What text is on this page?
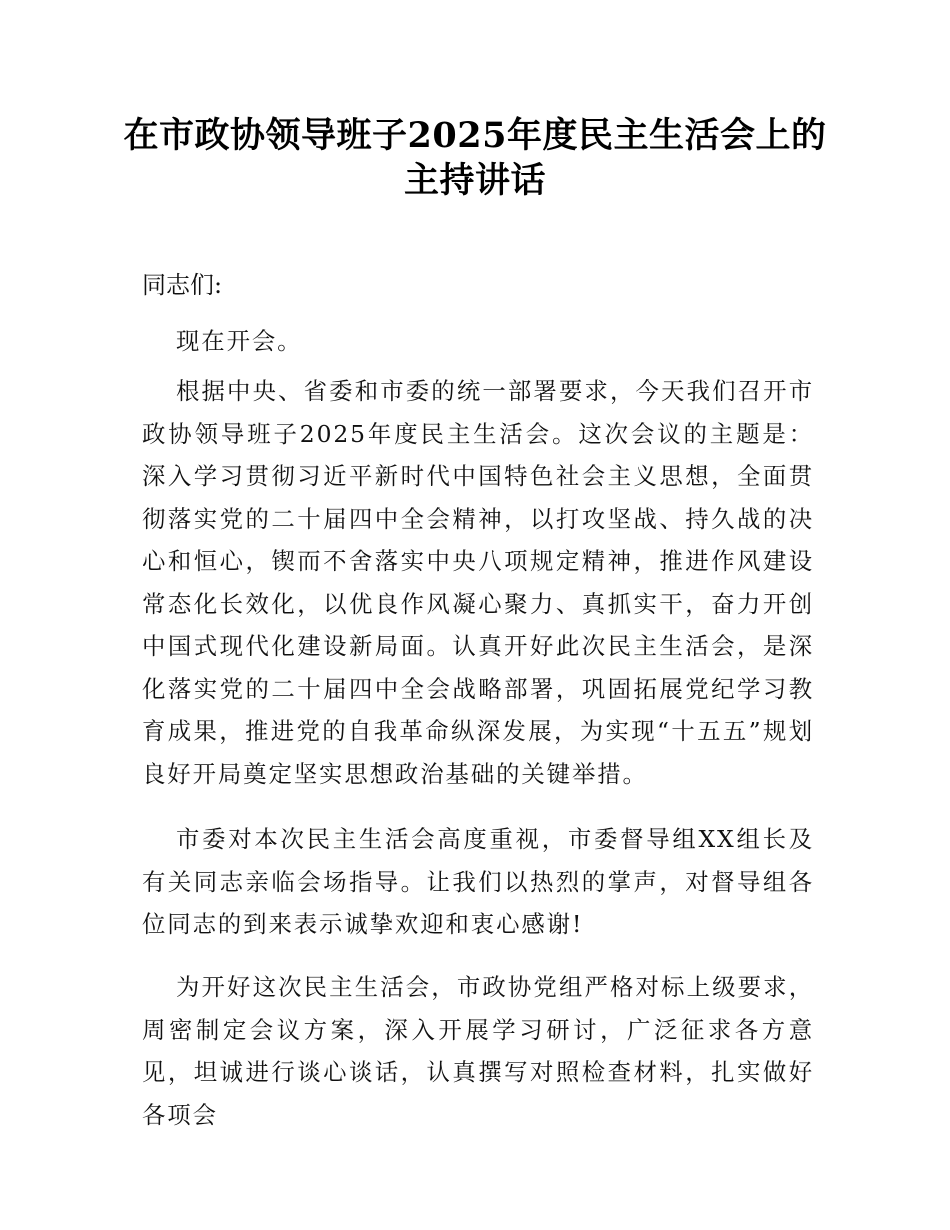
在市政协领导班子2025年度民主生活会上的
主持讲话
同志们:

现在开会。

根据中央、省委和市委的统一部署要求，今天我们召开市政协领导班子2025年度民主生活会。这次会议的主题是：深入学习贯彻习近平新时代中国特色社会主义思想，全面贯彻落实党的二十届四中全会精神，以打攻坚战、持久战的决心和恒心，锲而不舍落实中央八项规定精神，推进作风建设常态化长效化，以优良作风凝心聚力、真抓实干，奋力开创中国式现代化建设新局面。认真开好此次民主生活会，是深化落实党的二十届四中全会战略部署，巩固拓展党纪学习教育成果，推进党的自我革命纵深发展，为实现“十五五”规划良好开局奠定坚实思想政治基础的关键举措。

市委对本次民主生活会高度重视，市委督导组XX组长及有关同志亲临会场指导。让我们以热烈的掌声，对督导组各位同志的到来表示诚挚欢迎和衷心感谢!

为开好这次民主生活会，市政协党组严格对标上级要求，周密制定会议方案，深入开展学习研讨，广泛征求各方意见，坦诚进行谈心谈话，认真撰写对照检查材料，扎实做好各项会
